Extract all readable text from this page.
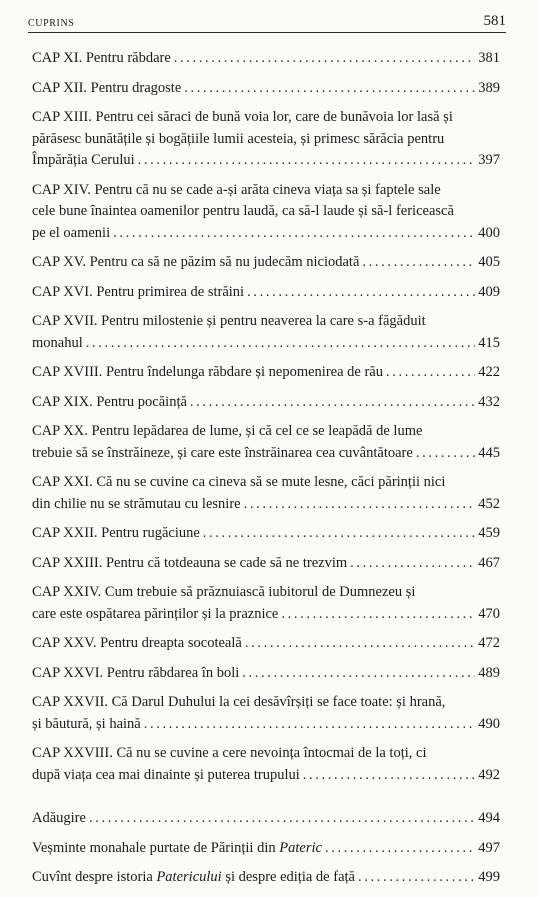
CUPRINS	581
CAP XI. Pentru răbdare . . .	381
CAP XII. Pentru dragoste . . .	389
CAP XIII. Pentru cei săraci de bună voia lor, care de bunăvoia lor lasă și
părăsesc bunătățile și bogățiile lumii acesteia, și primesc sărăcia pentru
Împărăția Cerului . . .	397
CAP XIV. Pentru că nu se cade a-și arăta cineva viața sa și faptele sale
cele bune înaintea oamenilor pentru laudă, ca să-l laude și să-l fericească
pe el oamenii . . .	400
CAP XV. Pentru ca să ne păzim să nu judecăm niciodată . . .	405
CAP XVI. Pentru primirea de străini . . .	409
CAP XVII. Pentru milostenie și pentru neaverea la care s-a făgăduit
monahul . . .	415
CAP XVIII. Pentru îndelunga răbdare și nepomenirea de rău . . .	422
CAP XIX. Pentru pocăință . . .	432
CAP XX. Pentru lepădarea de lume, și că cel ce se leapădă de lume
trebuie să se înstrăineze, și care este înstrăinarea cea cuvântătoare . . .	445
CAP XXI. Că nu se cuvine ca cineva să se mute lesne, căci părinții nici
din chilie nu se strămutau cu lesnire . . .	452
CAP XXII. Pentru rugăciune . . .	459
CAP XXIII. Pentru că totdeauna se cade să ne trezvim . . .	467
CAP XXIV. Cum trebuie să prăznuiască iubitorul de Dumnezeu și
care este ospătarea părinților și la praznice . . .	470
CAP XXV. Pentru dreapta socoteală . . .	472
CAP XXVI. Pentru răbdarea în boli . . .	489
CAP XXVII. Că Darul Duhului la cei desăvîrșiți se face toate: și hrană,
și băutură, și haină . . .	490
CAP XXVIII. Că nu se cuvine a cere nevoința întocmai de la toți, ci
după viața cea mai dinainte și puterea trupului . . .	492
Adăugire . . .	494
Veșminte monahale purtate de Părinții din Pateric . . .	497
Cuvînt despre istoria Patericului și despre ediția de față . . .	499
